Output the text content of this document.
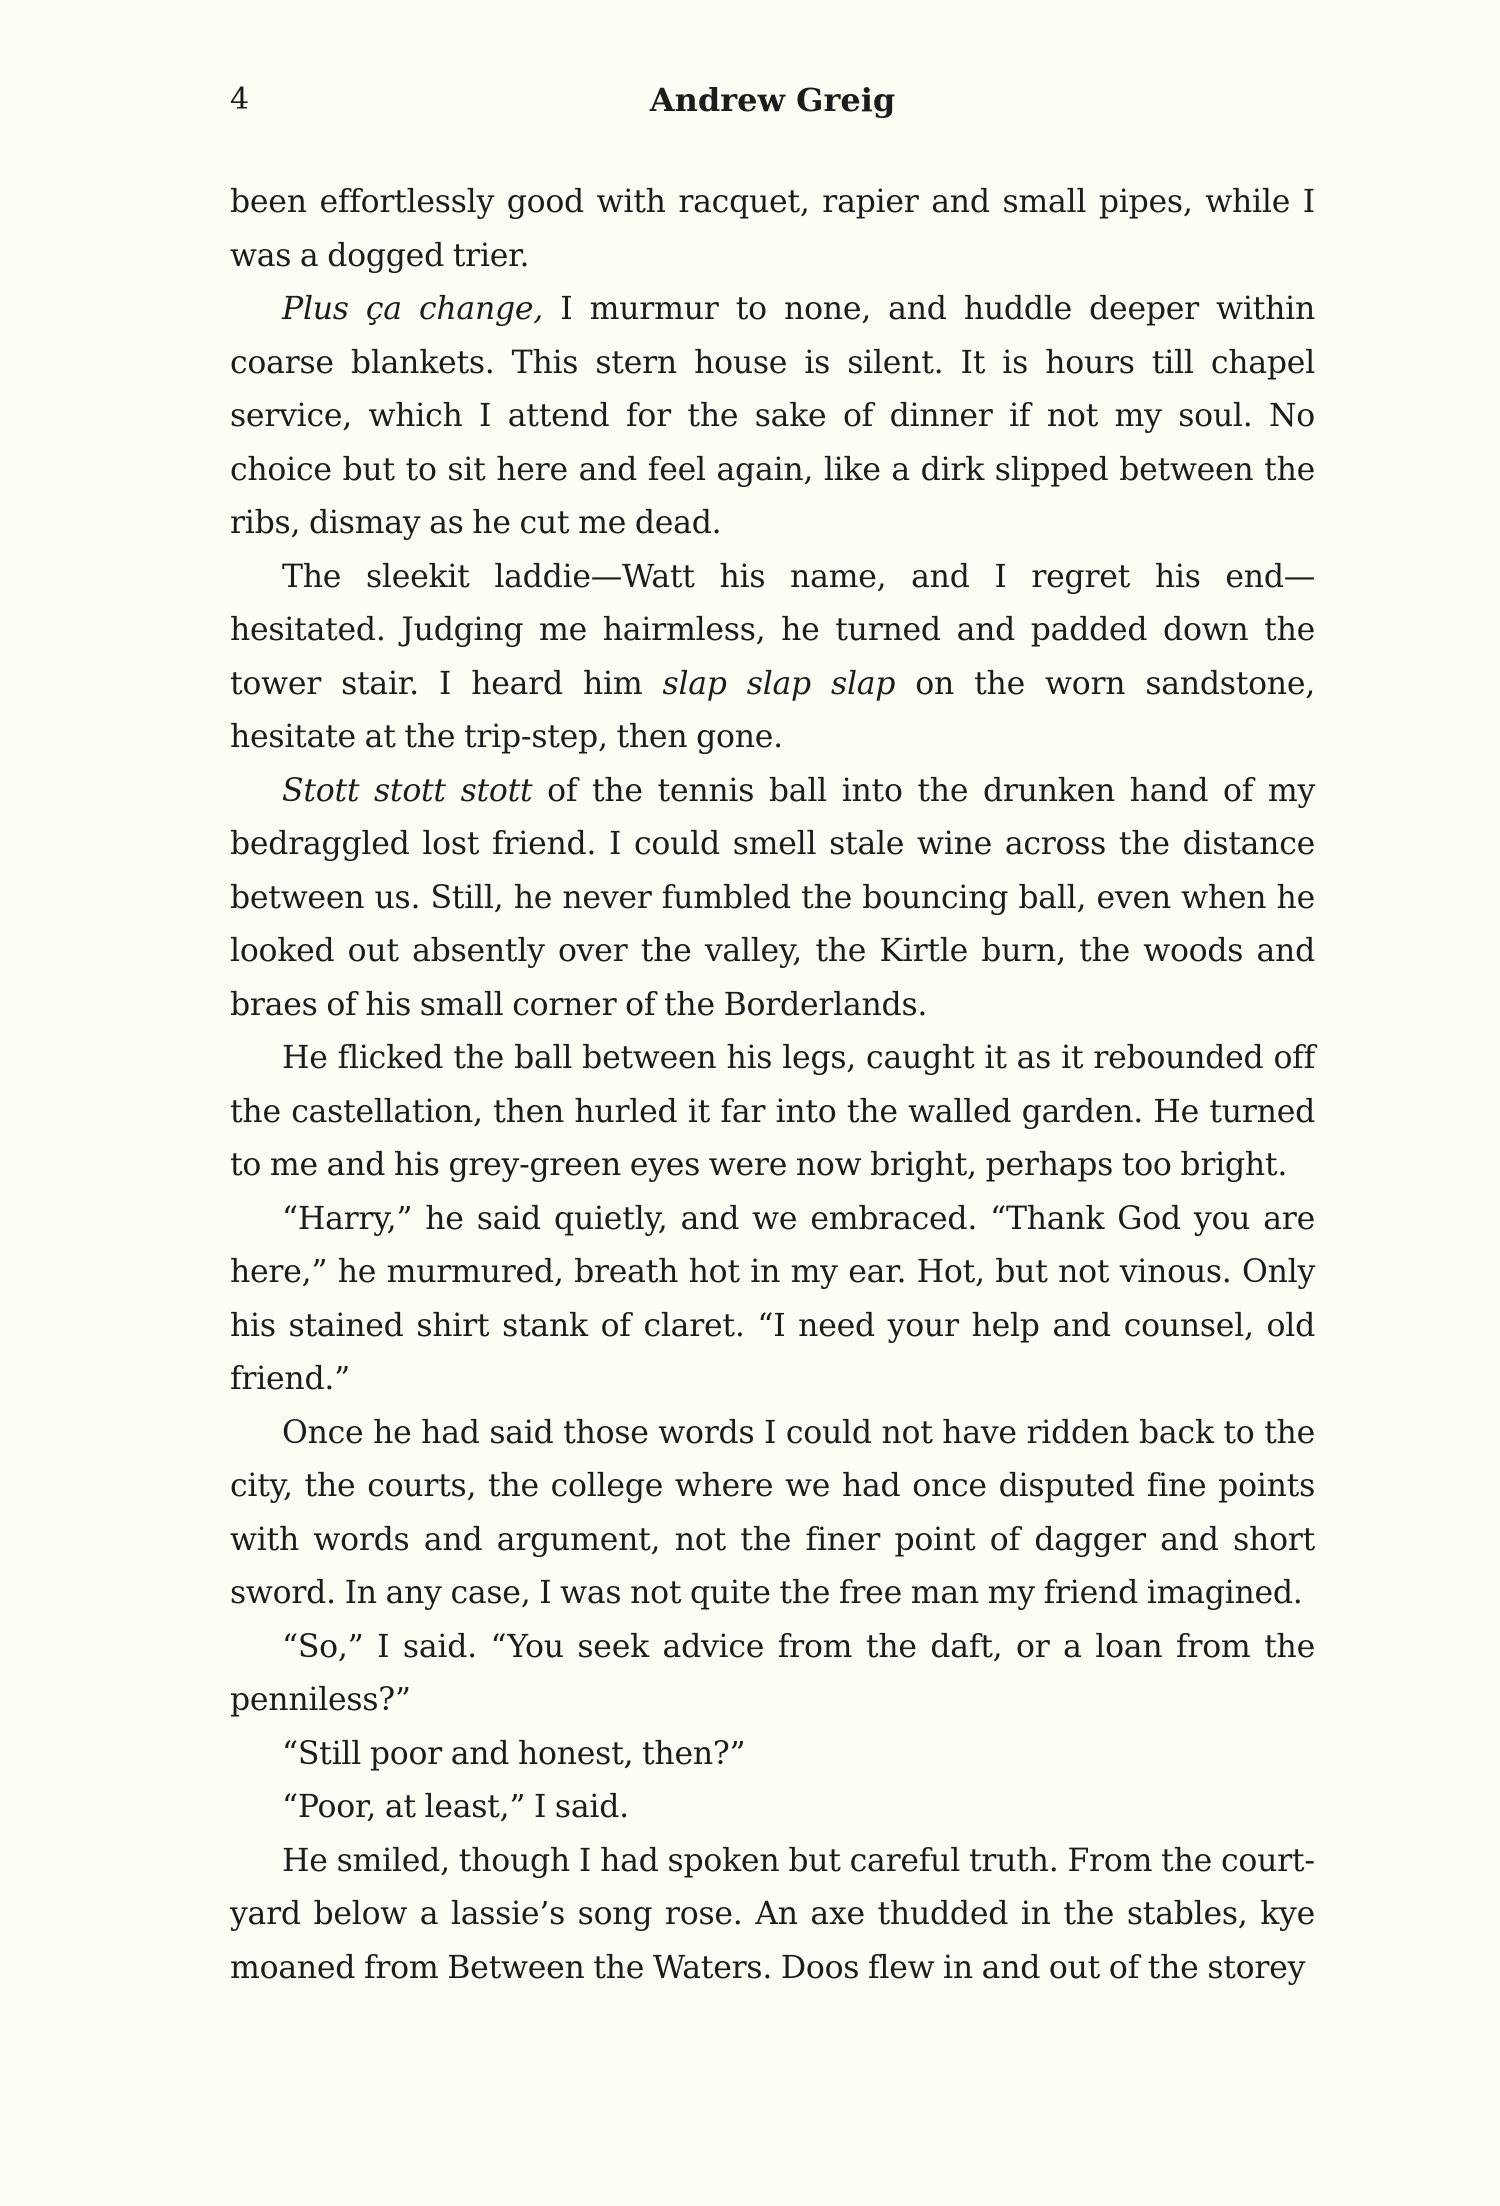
4	Andrew Greig

been effortlessly good with racquet, rapier and small pipes, while I was a dogged trier.

Plus ça change, I murmur to none, and huddle deeper within coarse blankets. This stern house is silent. It is hours till chapel service, which I attend for the sake of dinner if not my soul. No choice but to sit here and feel again, like a dirk slipped between the ribs, dismay as he cut me dead.

The sleekit laddie—Watt his name, and I regret his end—hesitated. Judging me hairmless, he turned and padded down the tower stair. I heard him slap slap slap on the worn sandstone, hesitate at the trip-step, then gone.

Stott stott stott of the tennis ball into the drunken hand of my bedraggled lost friend. I could smell stale wine across the distance between us. Still, he never fumbled the bouncing ball, even when he looked out absently over the valley, the Kirtle burn, the woods and braes of his small corner of the Borderlands.

He flicked the ball between his legs, caught it as it rebounded off the castellation, then hurled it far into the walled garden. He turned to me and his grey-green eyes were now bright, perhaps too bright.

“Harry,” he said quietly, and we embraced. “Thank God you are here,” he murmured, breath hot in my ear. Hot, but not vinous. Only his stained shirt stank of claret. “I need your help and counsel, old friend.”

Once he had said those words I could not have ridden back to the city, the courts, the college where we had once disputed fine points with words and argument, not the finer point of dagger and short sword. In any case, I was not quite the free man my friend imagined.

“So,” I said. “You seek advice from the daft, or a loan from the penniless?”

“Still poor and honest, then?”

“Poor, at least,” I said.

He smiled, though I had spoken but careful truth. From the courtyard below a lassie’s song rose. An axe thudded in the stables, kye moaned from Between the Waters. Doos flew in and out of the storey
